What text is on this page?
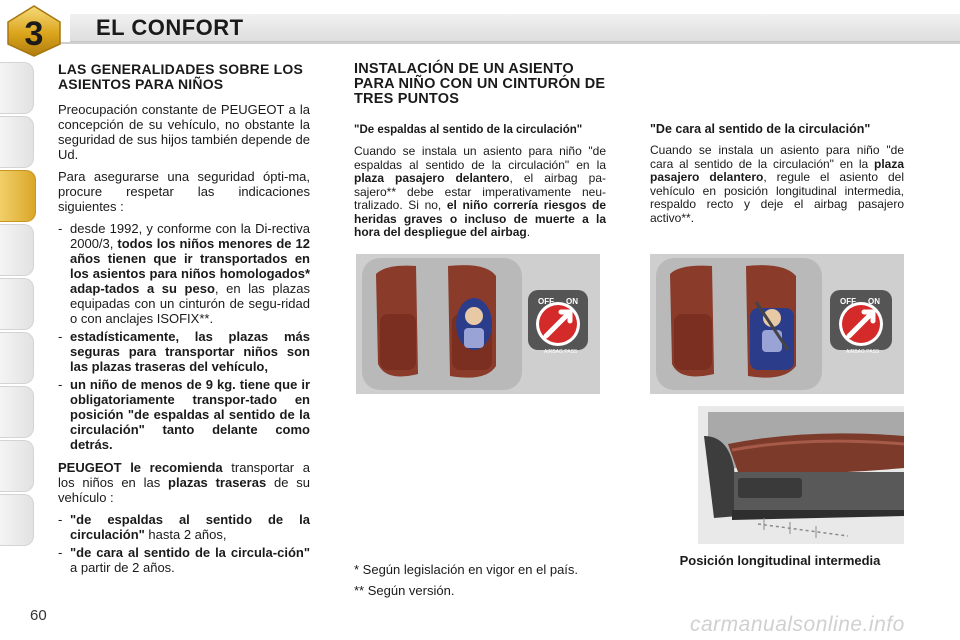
3 EL CONFORT
LAS GENERALIDADES SOBRE LOS ASIENTOS PARA NIÑOS

Preocupación constante de PEUGEOT a la concepción de su vehículo, no obstante la seguridad de sus hijos también depende de Ud.

Para asegurarse una seguridad ópti-ma, procure respetar las indicaciones siguientes :

- desde 1992, y conforme con la Di-rectiva 2000/3, todos los niños menores de 12 años tienen que ir transportados en los asientos para niños homologados* adap-tados a su peso, en las plazas equipadas con un cinturón de segu-ridad o con anclajes ISOFIX**.
- estadísticamente, las plazas más seguras para transportar niños son las plazas traseras del vehículo,
- un niño de menos de 9 kg. tiene que ir obligatoriamente transpor-tado en posición "de espaldas al sentido de la circulación" tanto delante como detrás.

PEUGEOT le recomienda transportar a los niños en las plazas traseras de su vehículo :

- "de espaldas al sentido de la circulación" hasta 2 años,
- "de cara al sentido de la circula-ción" a partir de 2 años.
INSTALACIÓN DE UN ASIENTO PARA NIÑO CON UN CINTURÓN DE TRES PUNTOS
"De espaldas al sentido de la circulación"

Cuando se instala un asiento para niño "de espaldas al sentido de la circulación" en la plaza pasajero delantero, el airbag pa-sajero** debe estar imperativamente neu-tralizado. Si no, el niño correría riesgos de heridas graves o incluso de muerte a la hora del despliegue del airbag.

"De cara al sentido de la circulación"

Cuando se instala un asiento para niño "de cara al sentido de la circulación" en la plaza pasajero delantero, regule el asiento del vehículo en posición longitudinal intermedia, respaldo recto y deje el airbag pasajero activo**.

OFF ON
AIRBAG PASS
OFF ON
AIRBAG PASS

* Según legislación en vigor en el país.

** Según versión.

Posición longitudinal intermedia
60	carmanualsonline.info
